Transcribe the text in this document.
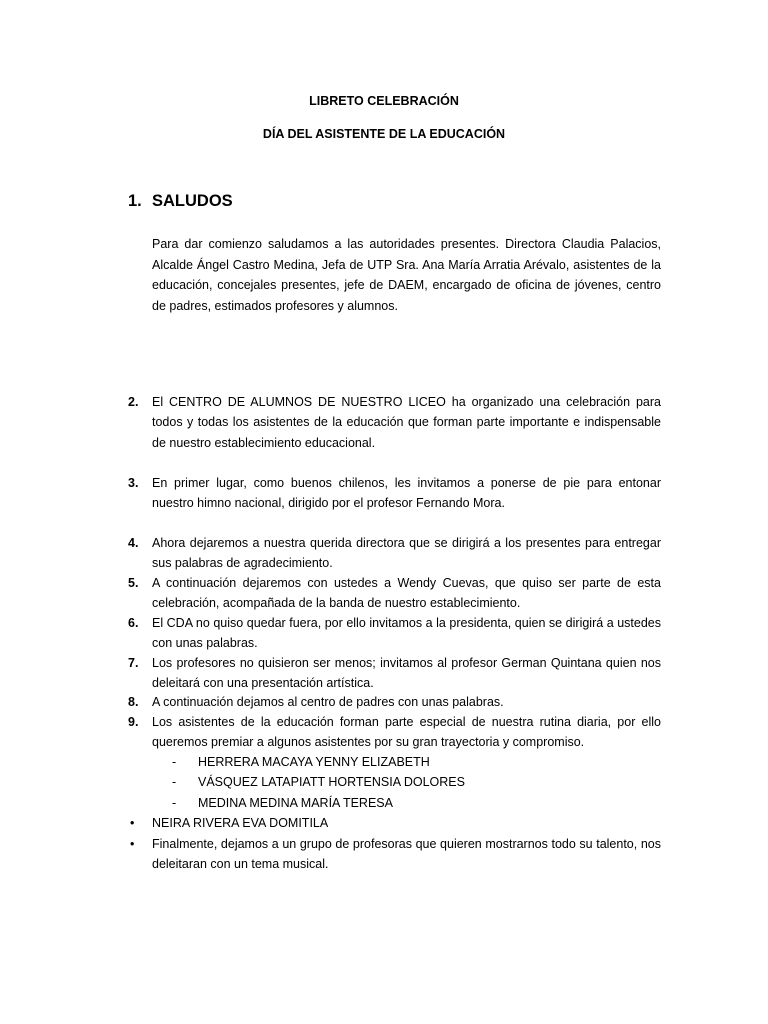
LIBRETO CELEBRACIÓN
DÍA DEL ASISTENTE DE LA EDUCACIÓN
1. SALUDOS
Para dar comienzo saludamos a las autoridades presentes. Directora Claudia Palacios, Alcalde Ángel Castro Medina, Jefa de UTP Sra. Ana María Arratia Arévalo, asistentes de la educación, concejales presentes, jefe de DAEM, encargado de oficina de jóvenes, centro de padres, estimados profesores y alumnos.
2.	El CENTRO DE ALUMNOS DE NUESTRO LICEO ha organizado una celebración para todos y todas los asistentes de la educación que forman parte importante e indispensable de nuestro establecimiento educacional.
3.	En primer lugar, como buenos chilenos, les invitamos a ponerse de pie para entonar nuestro himno nacional, dirigido por el profesor Fernando Mora.
4.	Ahora dejaremos a nuestra querida directora que se dirigirá a los presentes para entregar sus palabras de agradecimiento.
5.	A continuación dejaremos con ustedes a Wendy Cuevas, que quiso ser parte de esta celebración, acompañada de la banda de nuestro establecimiento.
6.	El CDA no quiso quedar fuera, por ello invitamos a la presidenta, quien se dirigirá a ustedes con unas palabras.
7.	Los profesores no quisieron ser menos; invitamos al profesor German Quintana quien nos deleitará con una presentación artística.
8.	A continuación dejamos al centro de padres con unas palabras.
9.	Los asistentes de la educación forman parte especial de nuestra rutina diaria, por ello queremos premiar a algunos asistentes por su gran trayectoria y compromiso.
-	HERRERA MACAYA YENNY ELIZABETH
-	VÁSQUEZ LATAPIATT HORTENSIA DOLORES
-	MEDINA MEDINA MARÍA TERESA
•	NEIRA RIVERA EVA DOMITILA
•	Finalmente, dejamos a un grupo de profesoras que quieren mostrarnos todo su talento, nos deleitaran con un tema musical.
